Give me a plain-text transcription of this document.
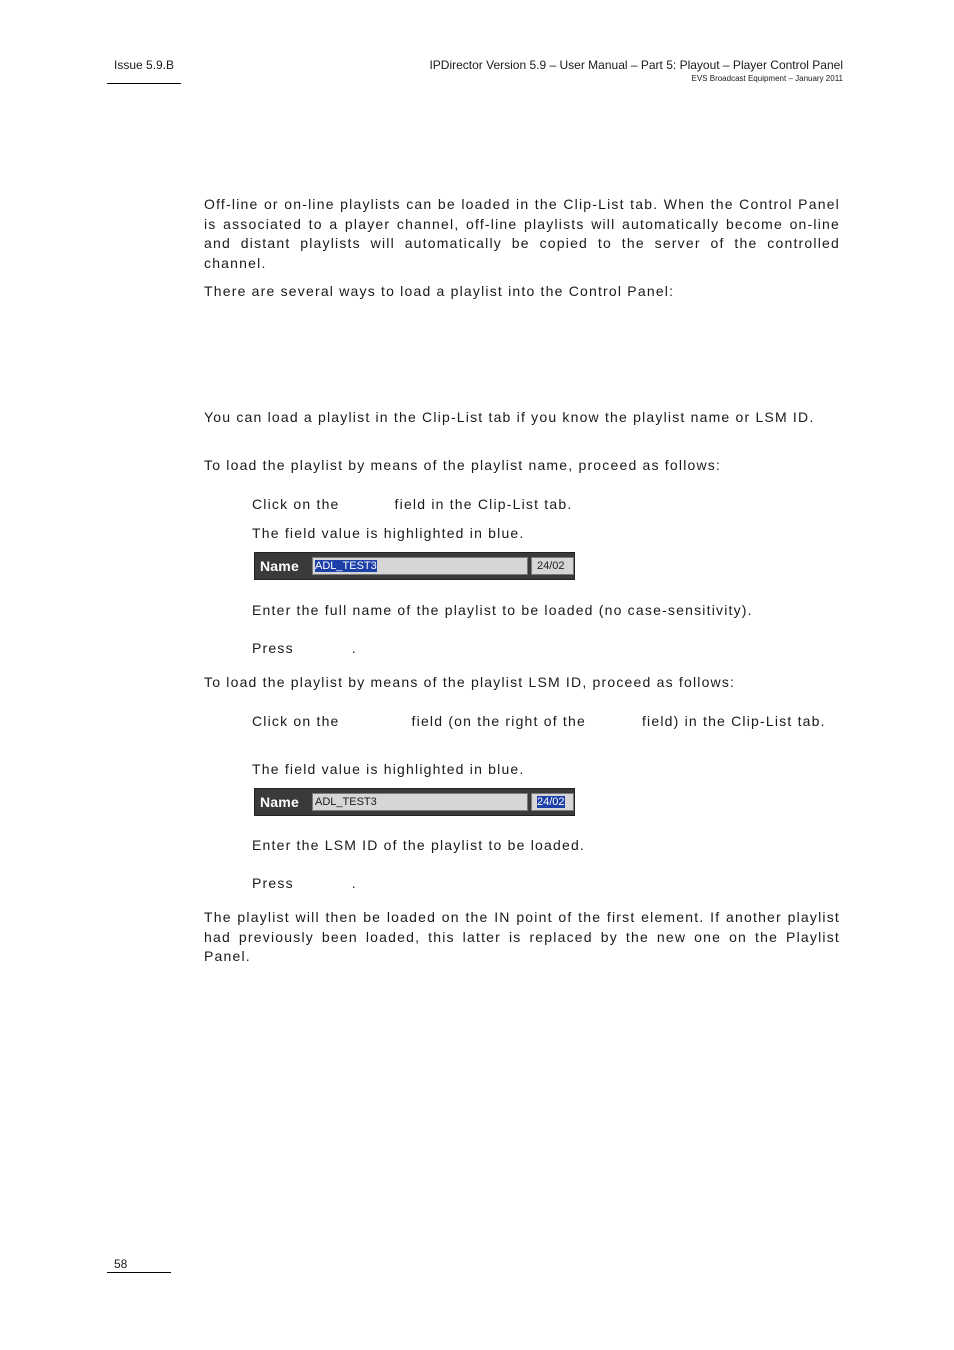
Issue 5.9.B	IPDirector Version 5.9 – User Manual – Part 5: Playout – Player Control Panel
EVS Broadcast Equipment – January 2011
Off-line or on-line playlists can be loaded in the Clip-List tab. When the Control Panel is associated to a player channel, off-line playlists will automatically become on-line and distant playlists will automatically be copied to the server of the controlled channel.
There are several ways to load a playlist into the Control Panel:
You can load a playlist in the Clip-List tab if you know the playlist name or LSM ID.
To load the playlist by means of the playlist name, proceed as follows:
Click on the	field in the Clip-List tab.
The field value is highlighted in blue.
Name ADL_TEST3	24/02
Enter the full name of the playlist to be loaded (no case-sensitivity).
Press	.
To load the playlist by means of the playlist LSM ID, proceed as follows:
Click on the	field (on the right of the	field) in the Clip-List tab.
The field value is highlighted in blue.
Name ADL_TEST3	24/02
Enter the LSM ID of the playlist to be loaded.
Press	.
The playlist will then be loaded on the IN point of the first element. If another playlist had previously been loaded, this latter is replaced by the new one on the Playlist Panel.
58
